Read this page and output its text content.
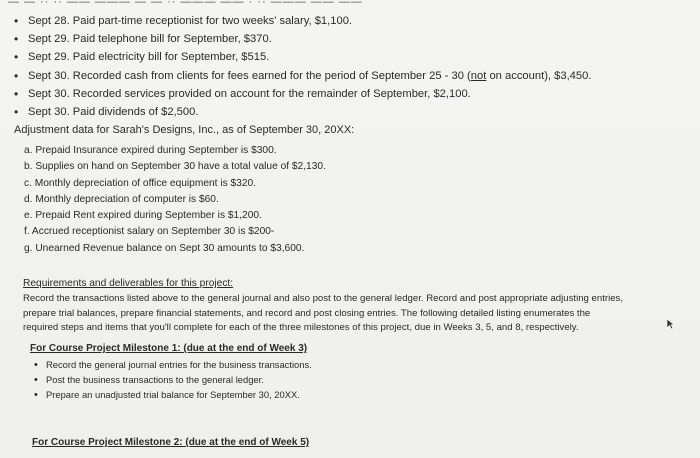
— — ·· ·· —— ——— — — ·· ——— —— · ·· ——— —— ——
• Sept 28. Paid part-time receptionist for two weeks' salary, $1,100.
• Sept 29. Paid telephone bill for September, $370.
• Sept 29. Paid electricity bill for September, $515.
• Sept 30. Recorded cash from clients for fees earned for the period of September 25 - 30 (not on account), $3,450.
• Sept 30. Recorded services provided on account for the remainder of September, $2,100.
• Sept 30. Paid dividends of $2,500.
Adjustment data for Sarah's Designs, Inc., as of September 30, 20XX:
a. Prepaid Insurance expired during September is $300.
b. Supplies on hand on September 30 have a total value of $2,130.
c. Monthly depreciation of office equipment is $320.
d. Monthly depreciation of computer is $60.
e. Prepaid Rent expired during September is $1,200.
f. Accrued receptionist salary on September 30 is $200-
g. Unearned Revenue balance on Sept 30 amounts to $3,600.
Requirements and deliverables for this project:
Record the transactions listed above to the general journal and also post to the general ledger. Record and post appropriate adjusting entries,
prepare trial balances, prepare financial statements, and record and post closing entries. The following detailed listing enumerates the
required steps and items that you'll complete for each of the three milestones of this project, due in Weeks 3, 5, and 8, respectively.
For Course Project Milestone 1: (due at the end of Week 3)
• Record the general journal entries for the business transactions.
• Post the business transactions to the general ledger.
• Prepare an unadjusted trial balance for September 30, 20XX.
For Course Project Milestone 2: (due at the end of Week 5)
